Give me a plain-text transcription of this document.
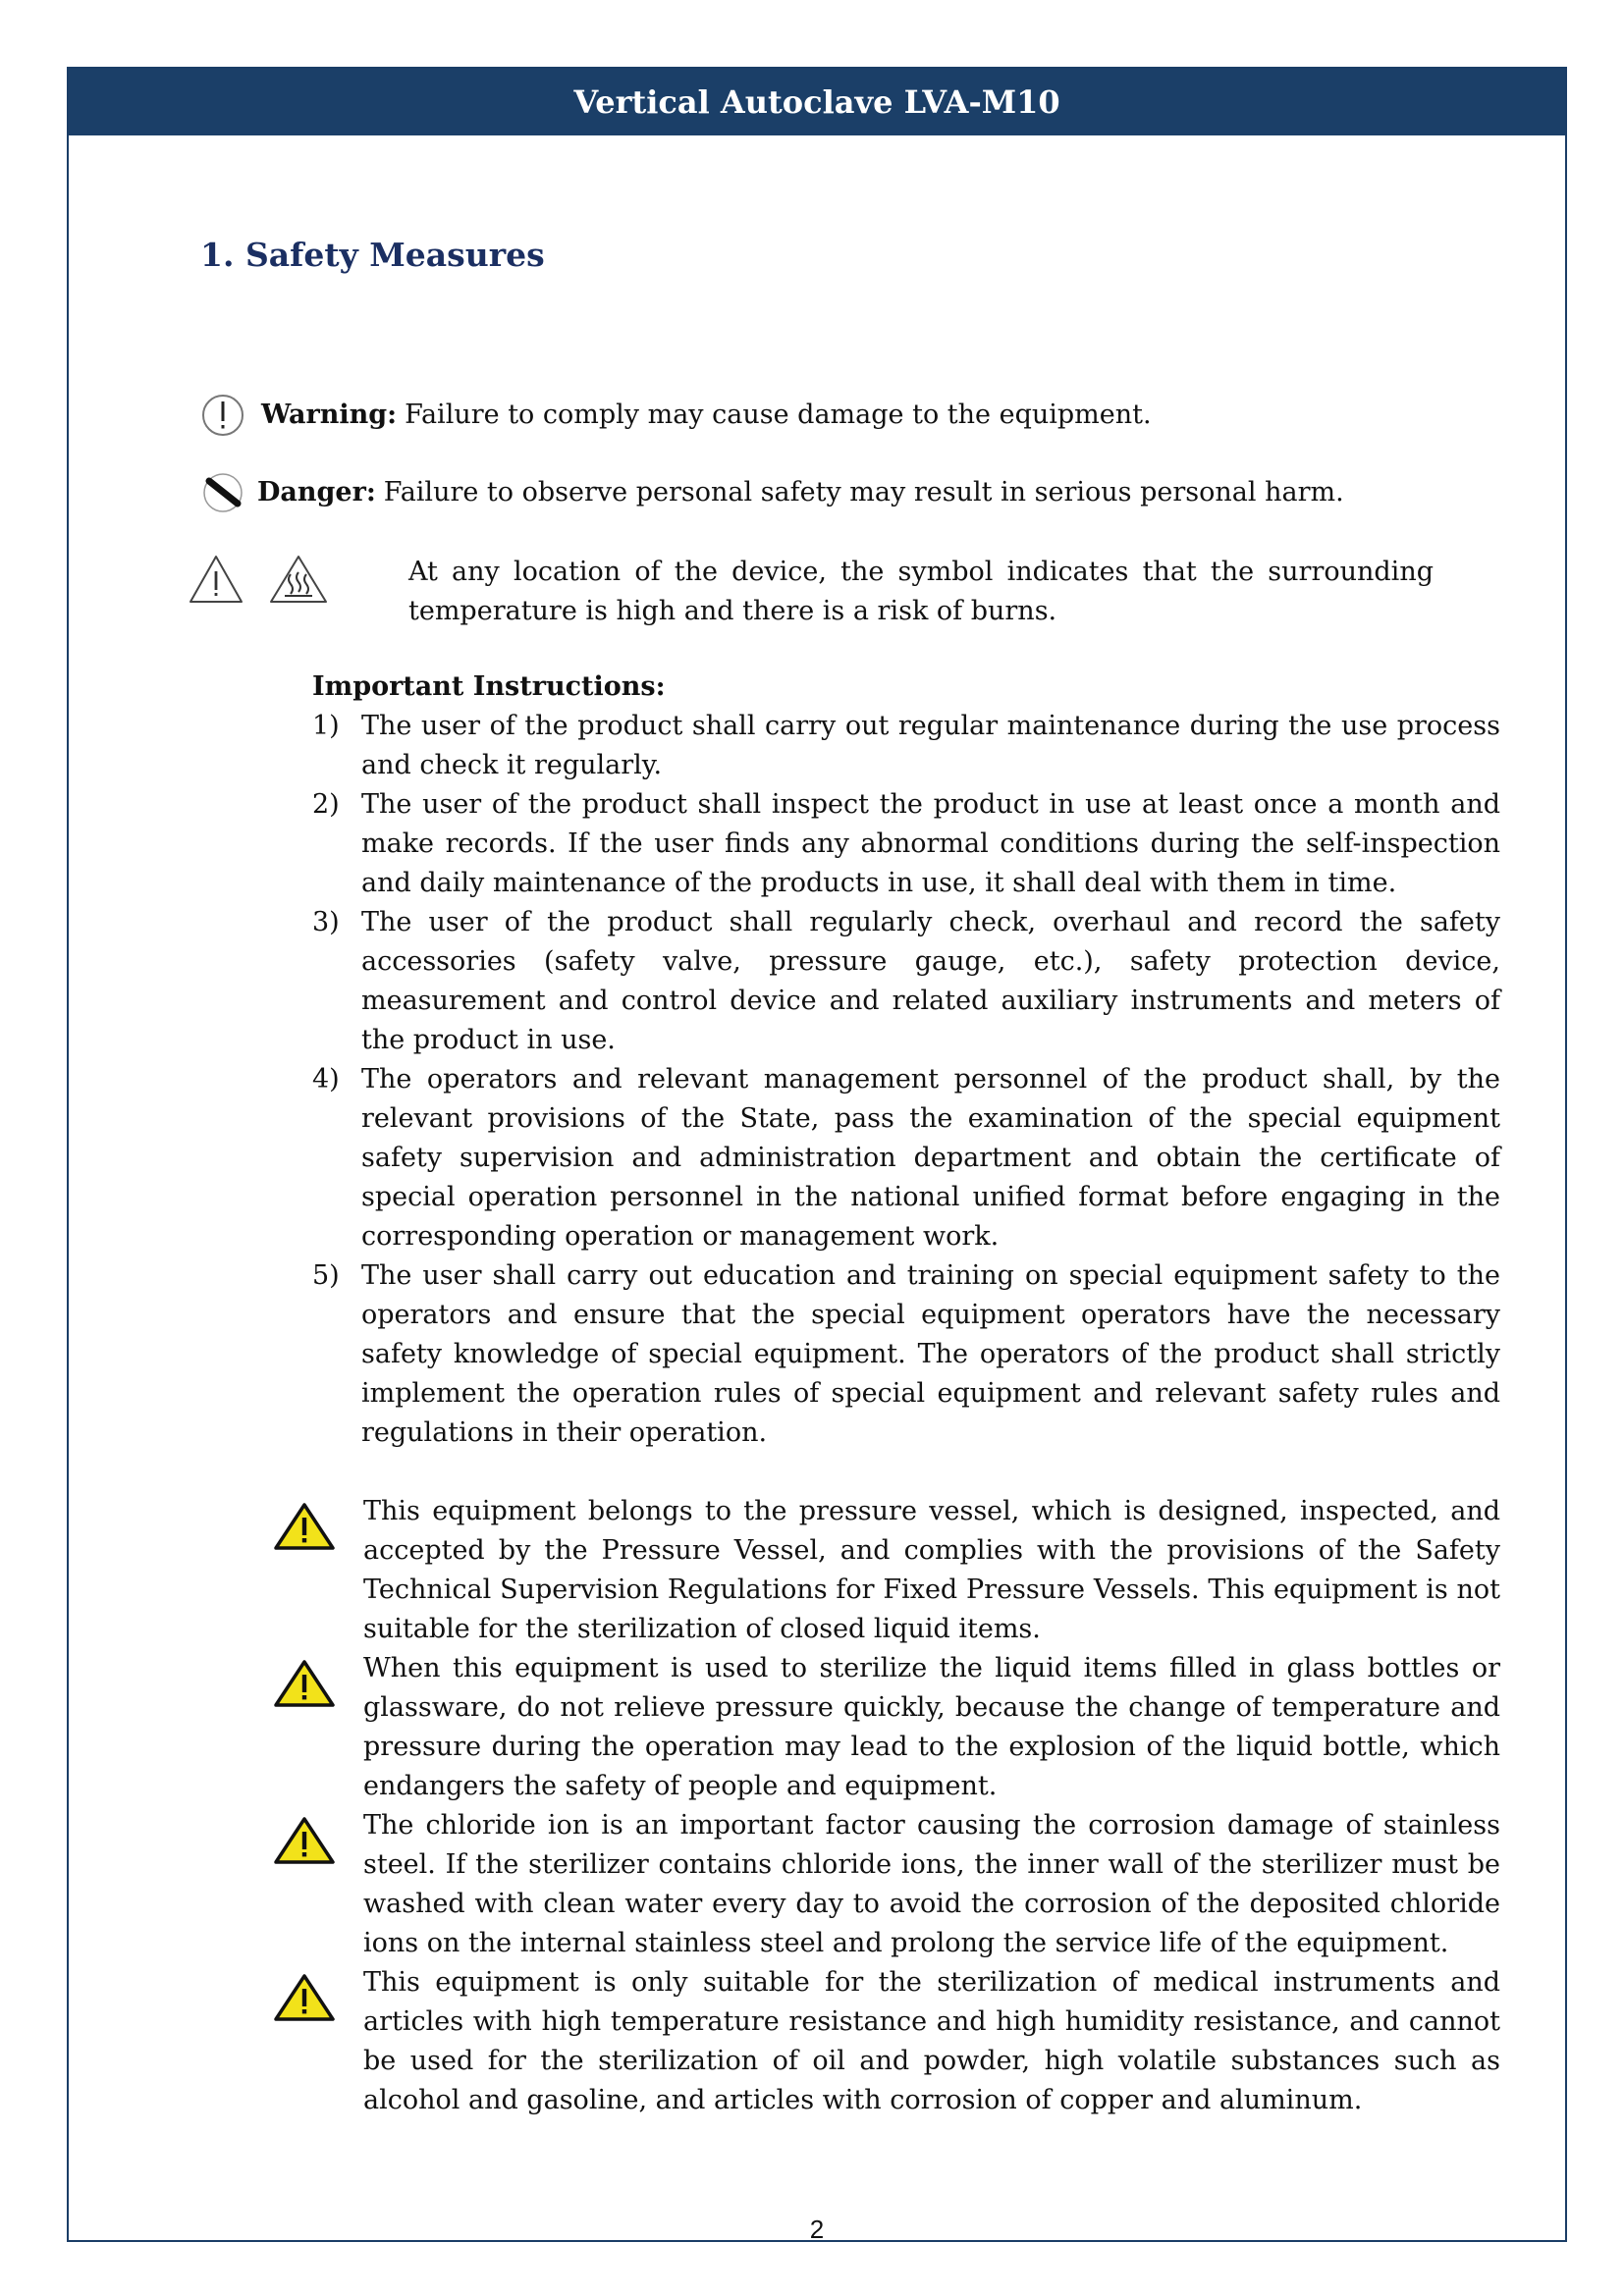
Vertical Autoclave LVA-M10
1. Safety Measures
Warning: Failure to comply may cause damage to the equipment.
Danger: Failure to observe personal safety may result in serious personal harm.
At any location of the device, the symbol indicates that the surrounding temperature is high and there is a risk of burns.

Important Instructions:

1) The user of the product shall carry out regular maintenance during the use process and check it regularly.
2) The user of the product shall inspect the product in use at least once a month and make records. If the user finds any abnormal conditions during the self-inspection and daily maintenance of the products in use, it shall deal with them in time.
3) The user of the product shall regularly check, overhaul and record the safety accessories (safety valve, pressure gauge, etc.), safety protection device, measurement and control device and related auxiliary instruments and meters of the product in use.
4) The operators and relevant management personnel of the product shall, by the relevant provisions of the State, pass the examination of the special equipment safety supervision and administration department and obtain the certificate of special operation personnel in the national unified format before engaging in the corresponding operation or management work.
5) The user shall carry out education and training on special equipment safety to the operators and ensure that the special equipment operators have the necessary safety knowledge of special equipment. The operators of the product shall strictly implement the operation rules of special equipment and relevant safety rules and regulations in their operation.
This equipment belongs to the pressure vessel, which is designed, inspected, and accepted by the Pressure Vessel, and complies with the provisions of the Safety Technical Supervision Regulations for Fixed Pressure Vessels. This equipment is not suitable for the sterilization of closed liquid items.
When this equipment is used to sterilize the liquid items filled in glass bottles or glassware, do not relieve pressure quickly, because the change of temperature and pressure during the operation may lead to the explosion of the liquid bottle, which endangers the safety of people and equipment.
The chloride ion is an important factor causing the corrosion damage of stainless steel. If the sterilizer contains chloride ions, the inner wall of the sterilizer must be washed with clean water every day to avoid the corrosion of the deposited chloride ions on the internal stainless steel and prolong the service life of the equipment.
This equipment is only suitable for the sterilization of medical instruments and articles with high temperature resistance and high humidity resistance, and cannot be used for the sterilization of oil and powder, high volatile substances such as alcohol and gasoline, and articles with corrosion of copper and aluminum.
2
